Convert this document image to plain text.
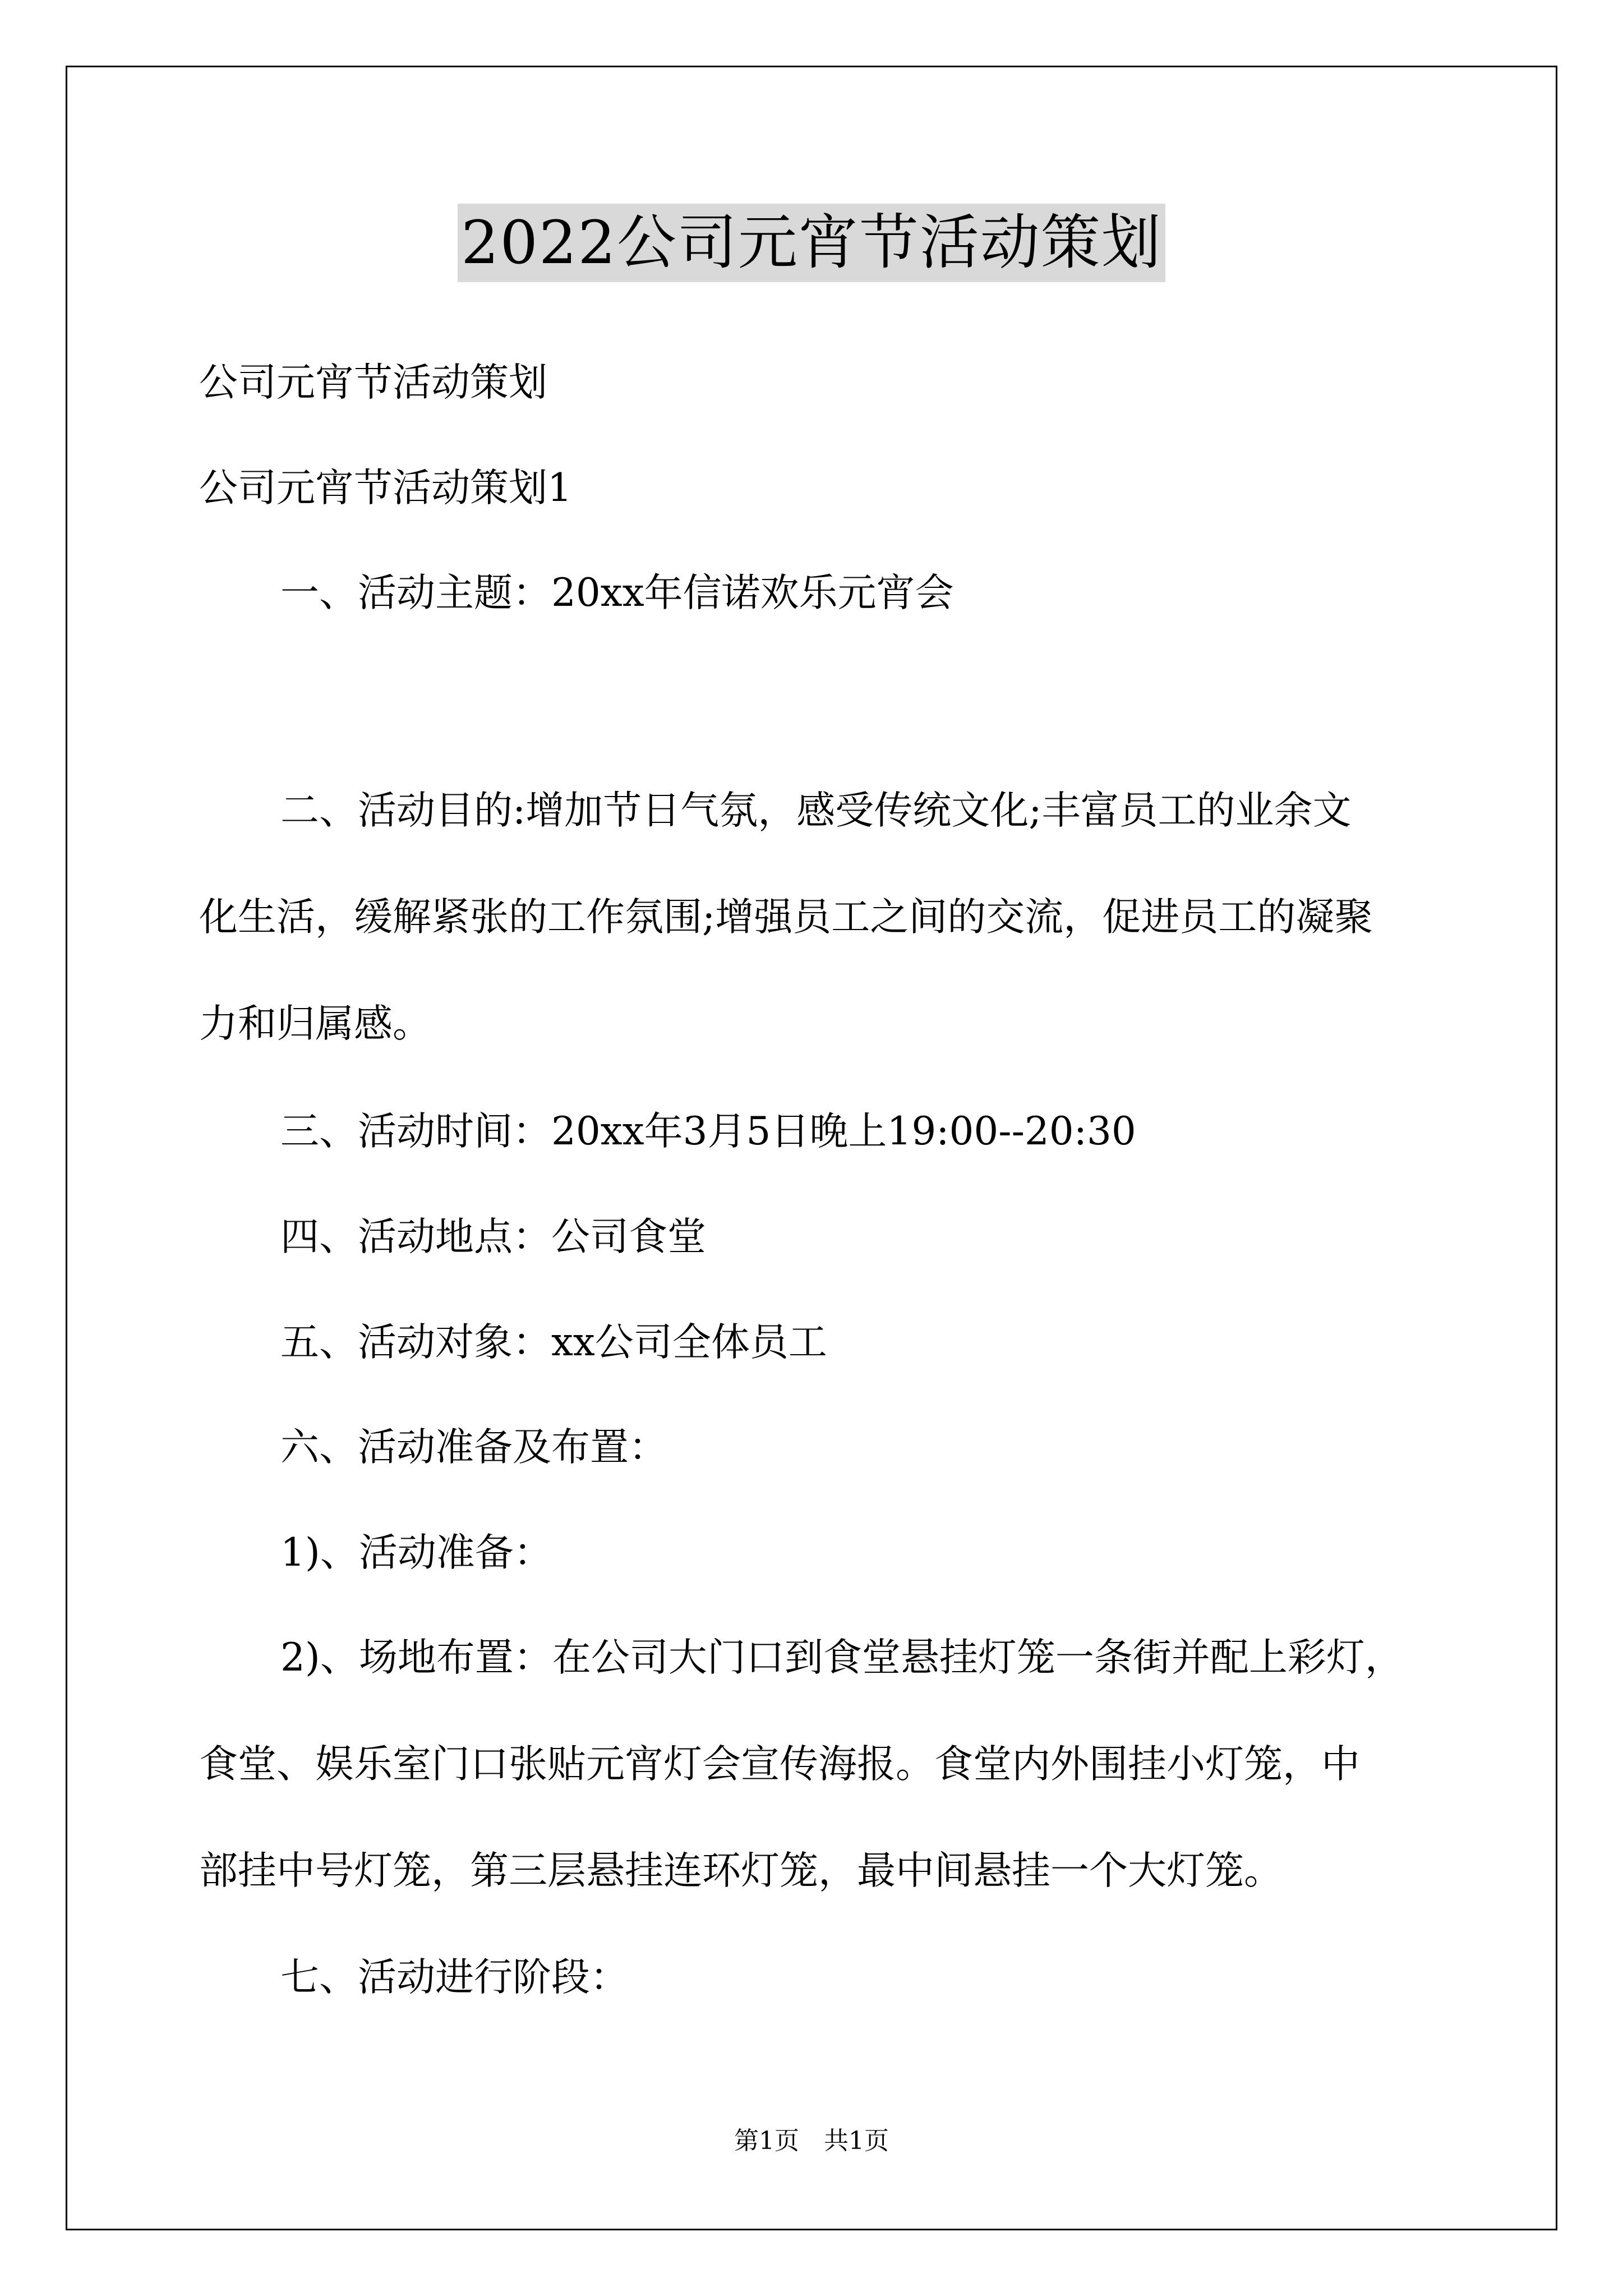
2022公司元宵节活动策划

公司元宵节活动策划

公司元宵节活动策划1

一、活动主题：20xx年信诺欢乐元宵会

二、活动目的:增加节日气氛，感受传统文化;丰富员工的业余文

化生活，缓解紧张的工作氛围;增强员工之间的交流，促进员工的凝聚

力和归属感。

三、活动时间：20xx年3月5日晚上19:00--20:30

四、活动地点：公司食堂

五、活动对象：xx公司全体员工

六、活动准备及布置：

1)、活动准备：

2)、场地布置：在公司大门口到食堂悬挂灯笼一条街并配上彩灯，

食堂、娱乐室门口张贴元宵灯会宣传海报。食堂内外围挂小灯笼，中

部挂中号灯笼，第三层悬挂连环灯笼，最中间悬挂一个大灯笼。

七、活动进行阶段：

第1页　共1页
